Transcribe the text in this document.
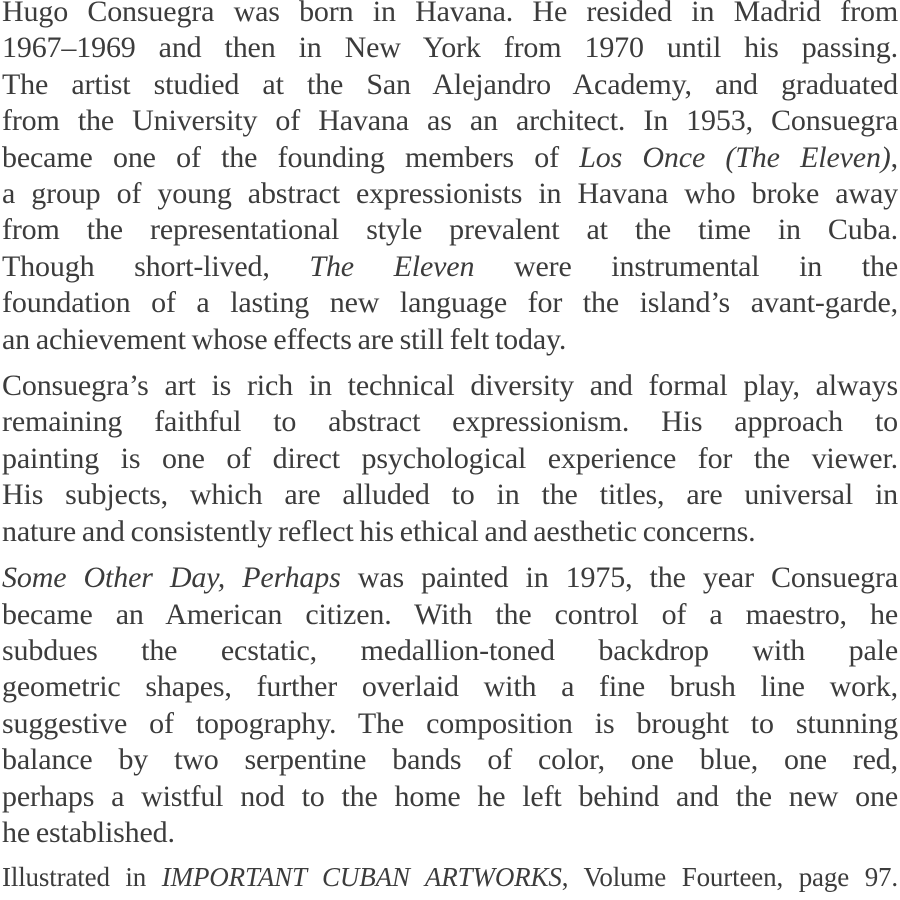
Hugo Consuegra was born in Havana. He resided in Madrid from
1967–1969 and then in New York from 1970 until his passing.
The artist studied at the San Alejandro Academy, and graduated
from the University of Havana as an architect. In 1953, Consuegra
became one of the founding members of Los Once (The Eleven),
a group of young abstract expressionists in Havana who broke away
from the representational style prevalent at the time in Cuba.
Though short-lived, The Eleven were instrumental in the
foundation of a lasting new language for the island’s avant-garde,
an achievement whose effects are still felt today.

Consuegra’s art is rich in technical diversity and formal play, always
remaining faithful to abstract expressionism. His approach to
painting is one of direct psychological experience for the viewer.
His subjects, which are alluded to in the titles, are universal in
nature and consistently reflect his ethical and aesthetic concerns.

Some Other Day, Perhaps was painted in 1975, the year Consuegra
became an American citizen. With the control of a maestro, he
subdues the ecstatic, medallion-toned backdrop with pale
geometric shapes, further overlaid with a fine brush line work,
suggestive of topography. The composition is brought to stunning
balance by two serpentine bands of color, one blue, one red,
perhaps a wistful nod to the home he left behind and the new one
he established.

Illustrated in IMPORTANT CUBAN ARTWORKS, Volume Fourteen, page 97.
